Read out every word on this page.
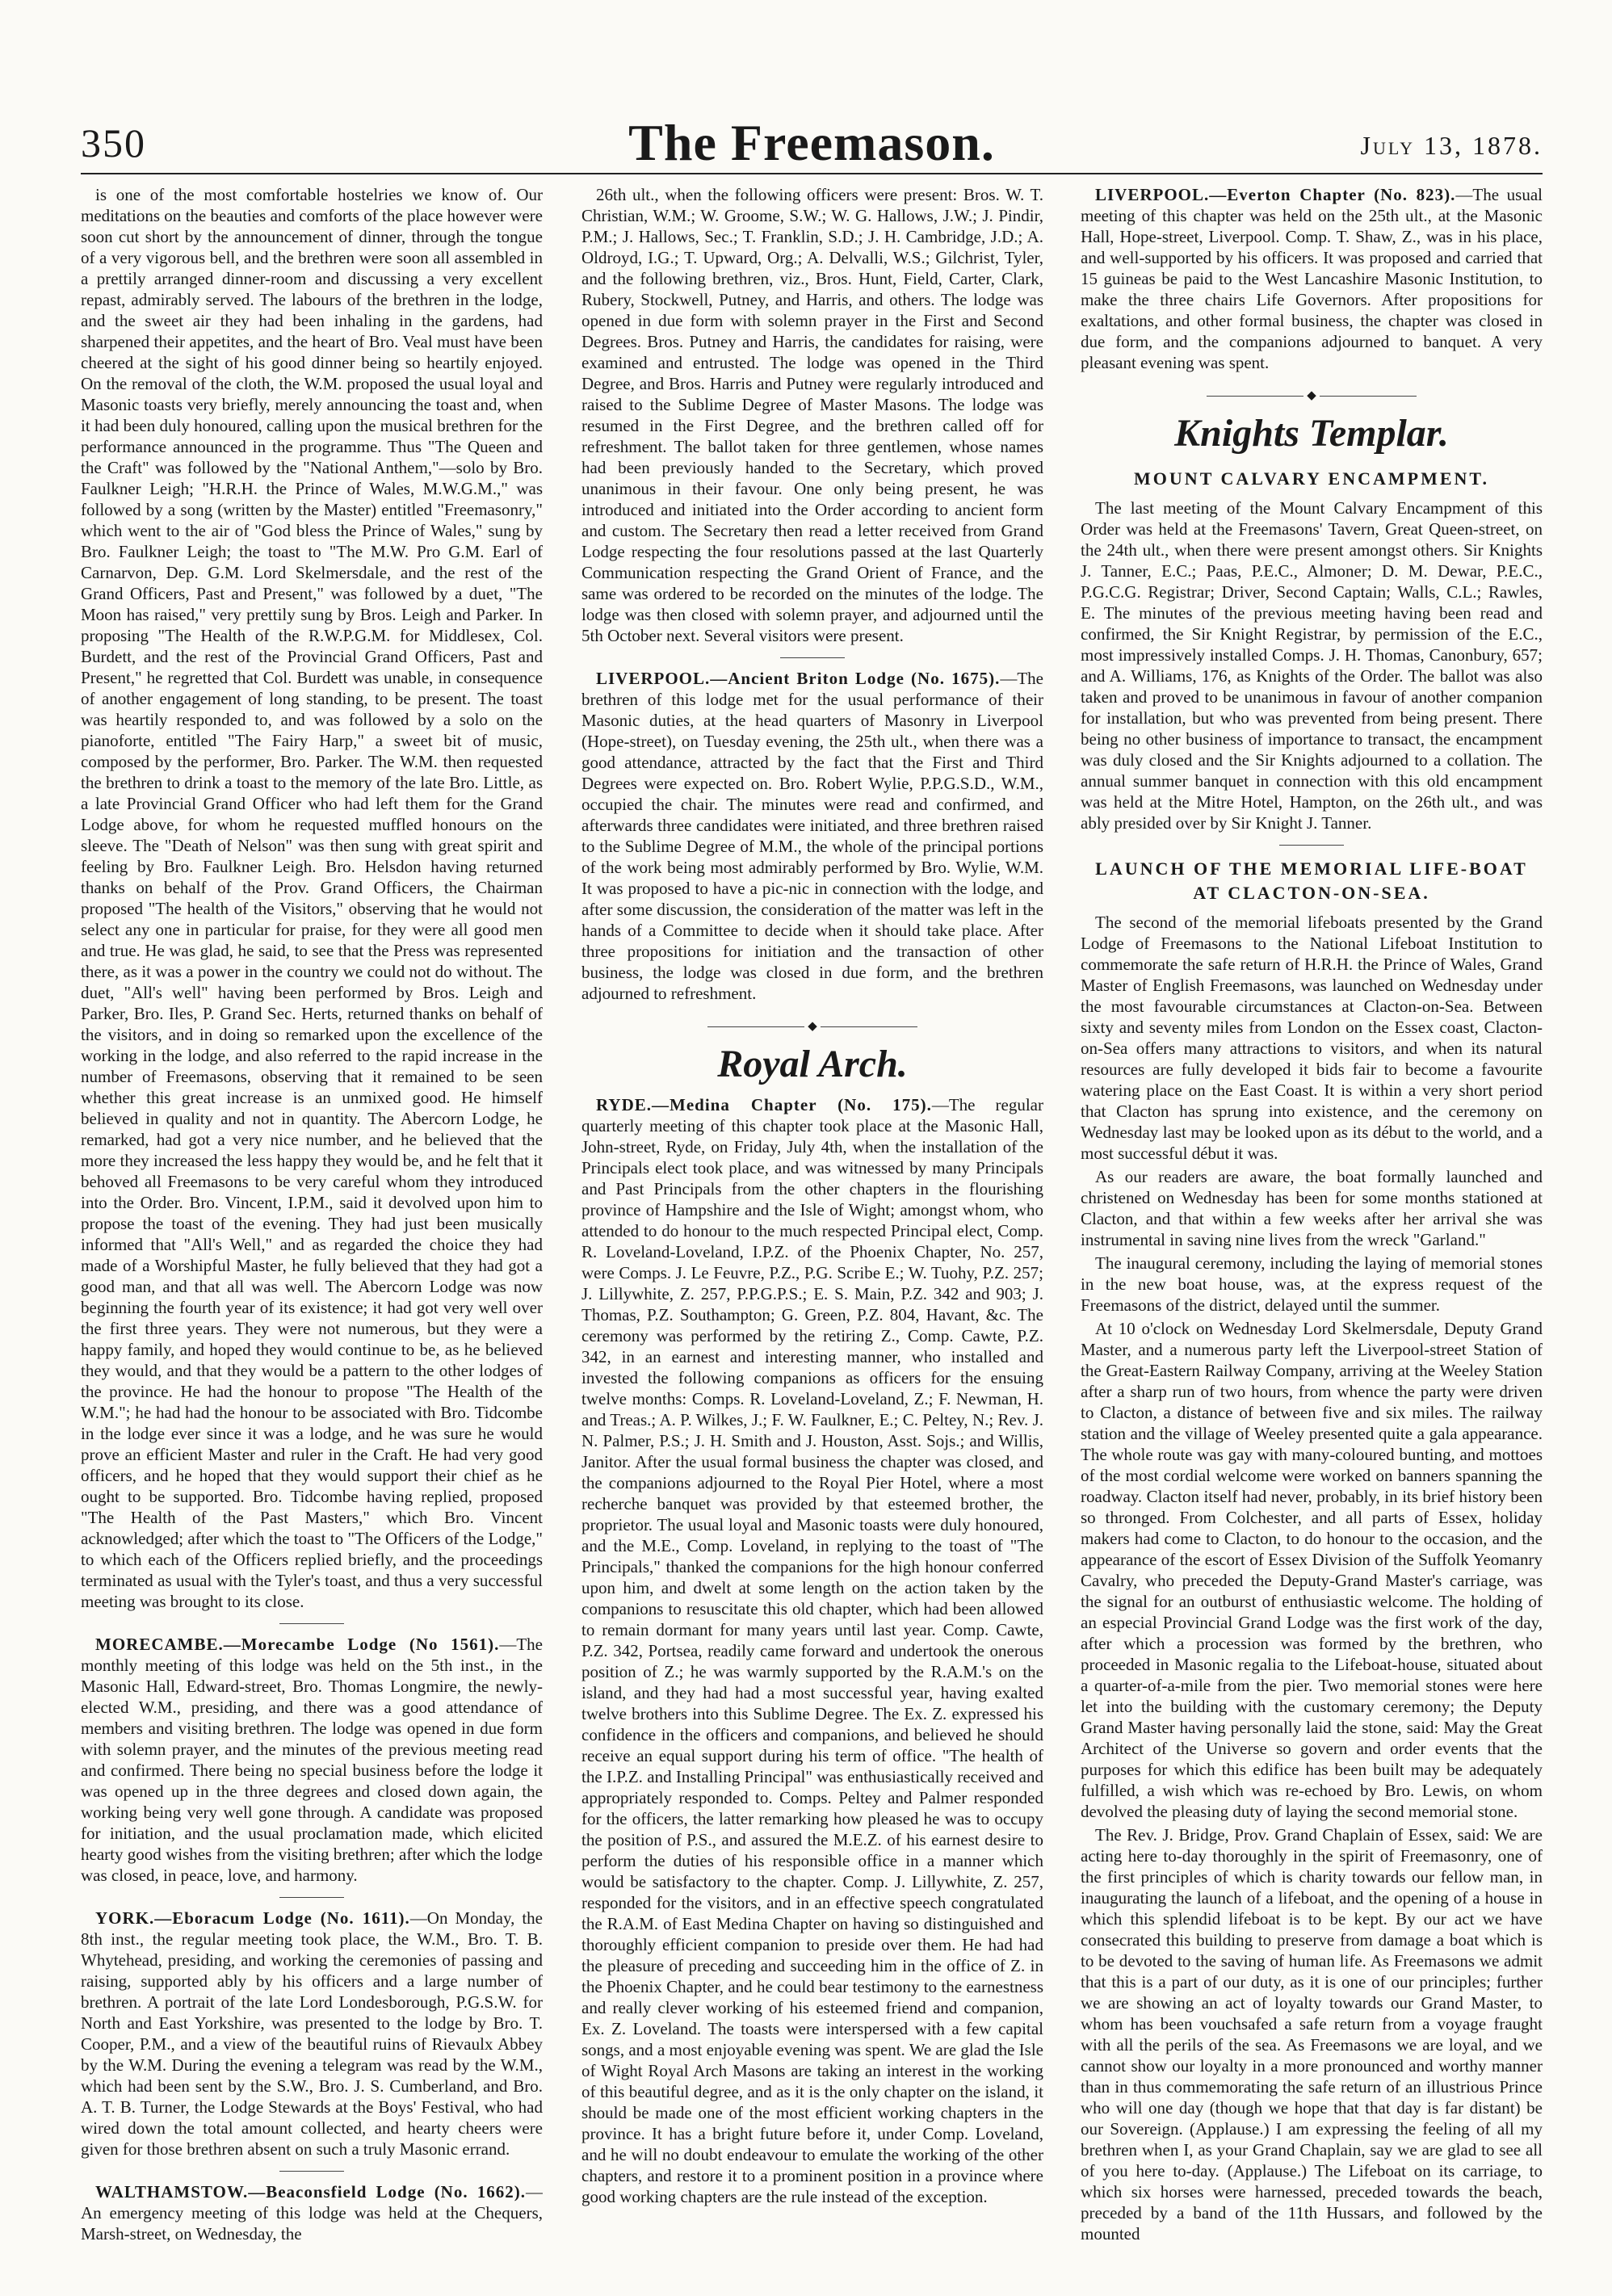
350	The Freemason.	July 13, 1878.

is one of the most comfortable hostelries we know of. Our meditations on the beauties and comforts of the place however were soon cut short by the announcement of dinner, through the tongue of a very vigorous bell, and the brethren were soon all assembled in a prettily arranged dinner-room and discussing a very excellent repast, admirably served. The labours of the brethren in the lodge, and the sweet air they had been inhaling in the gardens, had sharpened their appetites, and the heart of Bro. Veal must have been cheered at the sight of his good dinner being so heartily enjoyed. On the removal of the cloth, the W.M. proposed the usual loyal and Masonic toasts very briefly, merely announcing the toast and, when it had been duly honoured, calling upon the musical brethren for the performance announced in the programme. Thus "The Queen and the Craft" was followed by the "National Anthem,"—solo by Bro. Faulkner Leigh; "H.R.H. the Prince of Wales, M.W.G.M.," was followed by a song (written by the Master) entitled "Freemasonry," which went to the air of "God bless the Prince of Wales," sung by Bro. Faulkner Leigh; the toast to "The M.W. Pro G.M. Earl of Carnarvon, Dep. G.M. Lord Skelmersdale, and the rest of the Grand Officers, Past and Present," was followed by a duet, "The Moon has raised," very prettily sung by Bros. Leigh and Parker. In proposing "The Health of the R.W.P.G.M. for Middlesex, Col. Burdett, and the rest of the Provincial Grand Officers, Past and Present," he regretted that Col. Burdett was unable, in consequence of another engagement of long standing, to be present. The toast was heartily responded to, and was followed by a solo on the pianoforte, entitled "The Fairy Harp," a sweet bit of music, composed by the performer, Bro. Parker. The W.M. then requested the brethren to drink a toast to the memory of the late Bro. Little, as a late Provincial Grand Officer who had left them for the Grand Lodge above, for whom he requested muffled honours on the sleeve. The "Death of Nelson" was then sung with great spirit and feeling by Bro. Faulkner Leigh. Bro. Helsdon having returned thanks on behalf of the Prov. Grand Officers, the Chairman proposed "The health of the Visitors," observing that he would not select any one in particular for praise, for they were all good men and true. He was glad, he said, to see that the Press was represented there, as it was a power in the country we could not do without. The duet, "All's well" having been performed by Bros. Leigh and Parker, Bro. Iles, P. Grand Sec. Herts, returned thanks on behalf of the visitors, and in doing so remarked upon the excellence of the working in the lodge, and also referred to the rapid increase in the number of Freemasons, observing that it remained to be seen whether this great increase is an unmixed good. He himself believed in quality and not in quantity. The Abercorn Lodge, he remarked, had got a very nice number, and he believed that the more they increased the less happy they would be, and he felt that it behoved all Freemasons to be very careful whom they introduced into the Order. Bro. Vincent, I.P.M., said it devolved upon him to propose the toast of the evening. They had just been musically informed that "All's Well," and as regarded the choice they had made of a Worshipful Master, he fully believed that they had got a good man, and that all was well. The Abercorn Lodge was now beginning the fourth year of its existence; it had got very well over the first three years. They were not numerous, but they were a happy family, and hoped they would continue to be, as he believed they would, and that they would be a pattern to the other lodges of the province. He had the honour to propose "The Health of the W.M."; he had had the honour to be associated with Bro. Tidcombe in the lodge ever since it was a lodge, and he was sure he would prove an efficient Master and ruler in the Craft. He had very good officers, and he hoped that they would support their chief as he ought to be supported. Bro. Tidcombe having replied, proposed "The Health of the Past Masters," which Bro. Vincent acknowledged; after which the toast to "The Officers of the Lodge," to which each of the Officers replied briefly, and the proceedings terminated as usual with the Tyler's toast, and thus a very successful meeting was brought to its close.

MORECAMBE.—Morecambe Lodge (No 1561).—The monthly meeting of this lodge was held on the 5th inst., in the Masonic Hall, Edward-street, Bro. Thomas Longmire, the newly-elected W.M., presiding, and there was a good attendance of members and visiting brethren. The lodge was opened in due form with solemn prayer, and the minutes of the previous meeting read and confirmed. There being no special business before the lodge it was opened up in the three degrees and closed down again, the working being very well gone through. A candidate was proposed for initiation, and the usual proclamation made, which elicited hearty good wishes from the visiting brethren; after which the lodge was closed, in peace, love, and harmony.

YORK.—Eboracum Lodge (No. 1611).—On Monday, the 8th inst., the regular meeting took place, the W.M., Bro. T. B. Whytehead, presiding, and working the ceremonies of passing and raising, supported ably by his officers and a large number of brethren. A portrait of the late Lord Londesborough, P.G.S.W. for North and East Yorkshire, was presented to the lodge by Bro. T. Cooper, P.M., and a view of the beautiful ruins of Rievaulx Abbey by the W.M. During the evening a telegram was read by the W.M., which had been sent by the S.W., Bro. J. S. Cumberland, and Bro. A. T. B. Turner, the Lodge Stewards at the Boys' Festival, who had wired down the total amount collected, and hearty cheers were given for those brethren absent on such a truly Masonic errand.

WALTHAMSTOW.—Beaconsfield Lodge (No. 1662).—An emergency meeting of this lodge was held at the Chequers, Marsh-street, on Wednesday, the

26th ult., when the following officers were present: Bros. W. T. Christian, W.M.; W. Groome, S.W.; W. G. Hallows, J.W.; J. Pindir, P.M.; J. Hallows, Sec.; T. Franklin, S.D.; J. H. Cambridge, J.D.; A. Oldroyd, I.G.; T. Upward, Org.; A. Delvalli, W.S.; Gilchrist, Tyler, and the following brethren, viz., Bros. Hunt, Field, Carter, Clark, Rubery, Stockwell, Putney, and Harris, and others. The lodge was opened in due form with solemn prayer in the First and Second Degrees. Bros. Putney and Harris, the candidates for raising, were examined and entrusted. The lodge was opened in the Third Degree, and Bros. Harris and Putney were regularly introduced and raised to the Sublime Degree of Master Masons. The lodge was resumed in the First Degree, and the brethren called off for refreshment. The ballot taken for three gentlemen, whose names had been previously handed to the Secretary, which proved unanimous in their favour. One only being present, he was introduced and initiated into the Order according to ancient form and custom. The Secretary then read a letter received from Grand Lodge respecting the four resolutions passed at the last Quarterly Communication respecting the Grand Orient of France, and the same was ordered to be recorded on the minutes of the lodge. The lodge was then closed with solemn prayer, and adjourned until the 5th October next. Several visitors were present.

LIVERPOOL.—Ancient Briton Lodge (No. 1675).—The brethren of this lodge met for the usual performance of their Masonic duties, at the head quarters of Masonry in Liverpool (Hope-street), on Tuesday evening, the 25th ult., when there was a good attendance, attracted by the fact that the First and Third Degrees were expected on. Bro. Robert Wylie, P.P.G.S.D., W.M., occupied the chair. The minutes were read and confirmed, and afterwards three candidates were initiated, and three brethren raised to the Sublime Degree of M.M., the whole of the principal portions of the work being most admirably performed by Bro. Wylie, W.M. It was proposed to have a pic-nic in connection with the lodge, and after some discussion, the consideration of the matter was left in the hands of a Committee to decide when it should take place. After three propositions for initiation and the transaction of other business, the lodge was closed in due form, and the brethren adjourned to refreshment.

◆
Royal Arch.

RYDE.—Medina Chapter (No. 175).—The regular quarterly meeting of this chapter took place at the Masonic Hall, John-street, Ryde, on Friday, July 4th, when the installation of the Principals elect took place, and was witnessed by many Principals and Past Principals from the other chapters in the flourishing province of Hampshire and the Isle of Wight; amongst whom, who attended to do honour to the much respected Principal elect, Comp. R. Loveland-Loveland, I.P.Z. of the Phoenix Chapter, No. 257, were Comps. J. Le Feuvre, P.Z., P.G. Scribe E.; W. Tuohy, P.Z. 257; J. Lillywhite, Z. 257, P.P.G.P.S.; E. S. Main, P.Z. 342 and 903; J. Thomas, P.Z. Southampton; G. Green, P.Z. 804, Havant, &c. The ceremony was performed by the retiring Z., Comp. Cawte, P.Z. 342, in an earnest and interesting manner, who installed and invested the following companions as officers for the ensuing twelve months: Comps. R. Loveland-Loveland, Z.; F. Newman, H. and Treas.; A. P. Wilkes, J.; F. W. Faulkner, E.; C. Peltey, N.; Rev. J. N. Palmer, P.S.; J. H. Smith and J. Houston, Asst. Sojs.; and Willis, Janitor. After the usual formal business the chapter was closed, and the companions adjourned to the Royal Pier Hotel, where a most recherche banquet was provided by that esteemed brother, the proprietor. The usual loyal and Masonic toasts were duly honoured, and the M.E., Comp. Loveland, in replying to the toast of "The Principals," thanked the companions for the high honour conferred upon him, and dwelt at some length on the action taken by the companions to resuscitate this old chapter, which had been allowed to remain dormant for many years until last year. Comp. Cawte, P.Z. 342, Portsea, readily came forward and undertook the onerous position of Z.; he was warmly supported by the R.A.M.'s on the island, and they had had a most successful year, having exalted twelve brothers into this Sublime Degree. The Ex. Z. expressed his confidence in the officers and companions, and believed he should receive an equal support during his term of office. "The health of the I.P.Z. and Installing Principal" was enthusiastically received and appropriately responded to. Comps. Peltey and Palmer responded for the officers, the latter remarking how pleased he was to occupy the position of P.S., and assured the M.E.Z. of his earnest desire to perform the duties of his responsible office in a manner which would be satisfactory to the chapter. Comp. J. Lillywhite, Z. 257, responded for the visitors, and in an effective speech congratulated the R.A.M. of East Medina Chapter on having so distinguished and thoroughly efficient companion to preside over them. He had had the pleasure of preceding and succeeding him in the office of Z. in the Phoenix Chapter, and he could bear testimony to the earnestness and really clever working of his esteemed friend and companion, Ex. Z. Loveland. The toasts were interspersed with a few capital songs, and a most enjoyable evening was spent. We are glad the Isle of Wight Royal Arch Masons are taking an interest in the working of this beautiful degree, and as it is the only chapter on the island, it should be made one of the most efficient working chapters in the province. It has a bright future before it, under Comp. Loveland, and he will no doubt endeavour to emulate the working of the other chapters, and restore it to a prominent position in a province where good working chapters are the rule instead of the exception.

LIVERPOOL.—Everton Chapter (No. 823).—The usual meeting of this chapter was held on the 25th ult., at the Masonic Hall, Hope-street, Liverpool. Comp. T. Shaw, Z., was in his place, and well-supported by his officers. It was proposed and carried that 15 guineas be paid to the West Lancashire Masonic Institution, to make the three chairs Life Governors. After propositions for exaltations, and other formal business, the chapter was closed in due form, and the companions adjourned to banquet. A very pleasant evening was spent.

◆
Knights Templar.
MOUNT CALVARY ENCAMPMENT.

The last meeting of the Mount Calvary Encampment of this Order was held at the Freemasons' Tavern, Great Queen-street, on the 24th ult., when there were present amongst others. Sir Knights J. Tanner, E.C.; Paas, P.E.C., Almoner; D. M. Dewar, P.E.C., P.G.C.G. Registrar; Driver, Second Captain; Walls, C.L.; Rawles, E. The minutes of the previous meeting having been read and confirmed, the Sir Knight Registrar, by permission of the E.C., most impressively installed Comps. J. H. Thomas, Canonbury, 657; and A. Williams, 176, as Knights of the Order. The ballot was also taken and proved to be unanimous in favour of another companion for installation, but who was prevented from being present. There being no other business of importance to transact, the encampment was duly closed and the Sir Knights adjourned to a collation. The annual summer banquet in connection with this old encampment was held at the Mitre Hotel, Hampton, on the 26th ult., and was ably presided over by Sir Knight J. Tanner.

LAUNCH OF THE MEMORIAL LIFE-BOAT AT CLACTON-ON-SEA.

The second of the memorial lifeboats presented by the Grand Lodge of Freemasons to the National Lifeboat Institution to commemorate the safe return of H.R.H. the Prince of Wales, Grand Master of English Freemasons, was launched on Wednesday under the most favourable circumstances at Clacton-on-Sea. Between sixty and seventy miles from London on the Essex coast, Clacton-on-Sea offers many attractions to visitors, and when its natural resources are fully developed it bids fair to become a favourite watering place on the East Coast. It is within a very short period that Clacton has sprung into existence, and the ceremony on Wednesday last may be looked upon as its début to the world, and a most successful début it was.

As our readers are aware, the boat formally launched and christened on Wednesday has been for some months stationed at Clacton, and that within a few weeks after her arrival she was instrumental in saving nine lives from the wreck "Garland."

The inaugural ceremony, including the laying of memorial stones in the new boat house, was, at the express request of the Freemasons of the district, delayed until the summer.

At 10 o'clock on Wednesday Lord Skelmersdale, Deputy Grand Master, and a numerous party left the Liverpool-street Station of the Great-Eastern Railway Company, arriving at the Weeley Station after a sharp run of two hours, from whence the party were driven to Clacton, a distance of between five and six miles. The railway station and the village of Weeley presented quite a gala appearance. The whole route was gay with many-coloured bunting, and mottoes of the most cordial welcome were worked on banners spanning the roadway. Clacton itself had never, probably, in its brief history been so thronged. From Colchester, and all parts of Essex, holiday makers had come to Clacton, to do honour to the occasion, and the appearance of the escort of Essex Division of the Suffolk Yeomanry Cavalry, who preceded the Deputy-Grand Master's carriage, was the signal for an outburst of enthusiastic welcome. The holding of an especial Provincial Grand Lodge was the first work of the day, after which a procession was formed by the brethren, who proceeded in Masonic regalia to the Lifeboat-house, situated about a quarter-of-a-mile from the pier. Two memorial stones were here let into the building with the customary ceremony; the Deputy Grand Master having personally laid the stone, said: May the Great Architect of the Universe so govern and order events that the purposes for which this edifice has been built may be adequately fulfilled, a wish which was re-echoed by Bro. Lewis, on whom devolved the pleasing duty of laying the second memorial stone.

The Rev. J. Bridge, Prov. Grand Chaplain of Essex, said: We are acting here to-day thoroughly in the spirit of Freemasonry, one of the first principles of which is charity towards our fellow man, in inaugurating the launch of a lifeboat, and the opening of a house in which this splendid lifeboat is to be kept. By our act we have consecrated this building to preserve from damage a boat which is to be devoted to the saving of human life. As Freemasons we admit that this is a part of our duty, as it is one of our principles; further we are showing an act of loyalty towards our Grand Master, to whom has been vouchsafed a safe return from a voyage fraught with all the perils of the sea. As Freemasons we are loyal, and we cannot show our loyalty in a more pronounced and worthy manner than in thus commemorating the safe return of an illustrious Prince who will one day (though we hope that that day is far distant) be our Sovereign. (Applause.) I am expressing the feeling of all my brethren when I, as your Grand Chaplain, say we are glad to see all of you here to-day. (Applause.) The Lifeboat on its carriage, to which six horses were harnessed, preceded towards the beach, preceded by a band of the 11th Hussars, and followed by the mounted
